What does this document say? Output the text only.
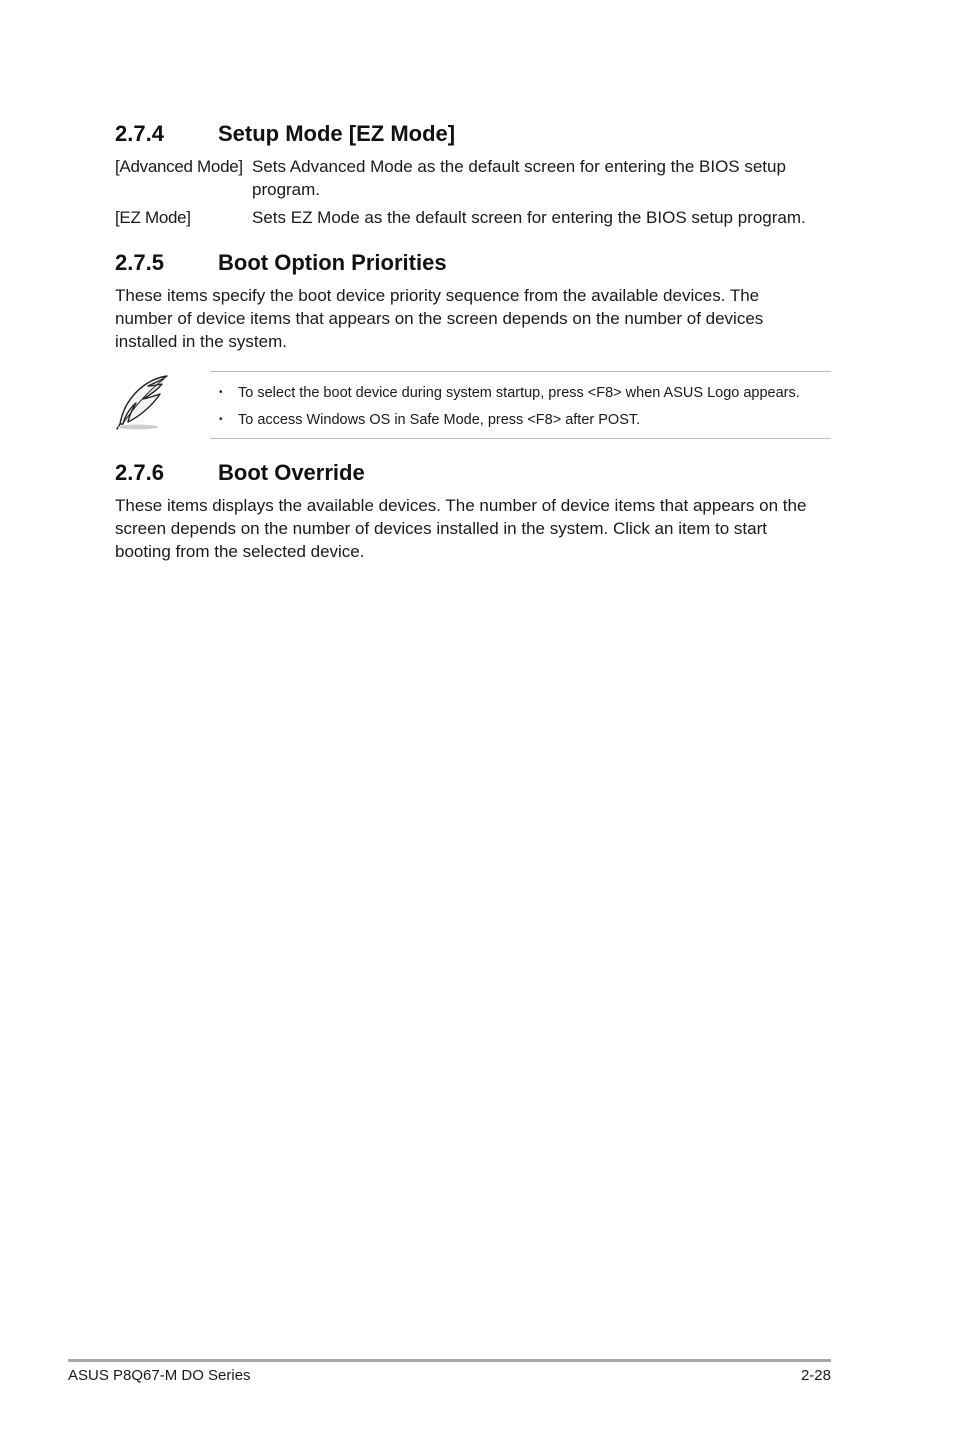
2.7.4 Setup Mode [EZ Mode]
[Advanced Mode] Sets Advanced Mode as the default screen for entering the BIOS setup program.
[EZ Mode]	Sets EZ Mode as the default screen for entering the BIOS setup program.
2.7.5 Boot Option Priorities
These items specify the boot device priority sequence from the available devices. The number of device items that appears on the screen depends on the number of devices installed in the system.
• To select the boot device during system startup, press <F8> when ASUS Logo appears.
• To access Windows OS in Safe Mode, press <F8> after POST.
2.7.6 Boot Override
These items displays the available devices. The number of device items that appears on the screen depends on the number of devices installed in the system. Click an item to start booting from the selected device.
ASUS P8Q67-M DO Series	2-28
